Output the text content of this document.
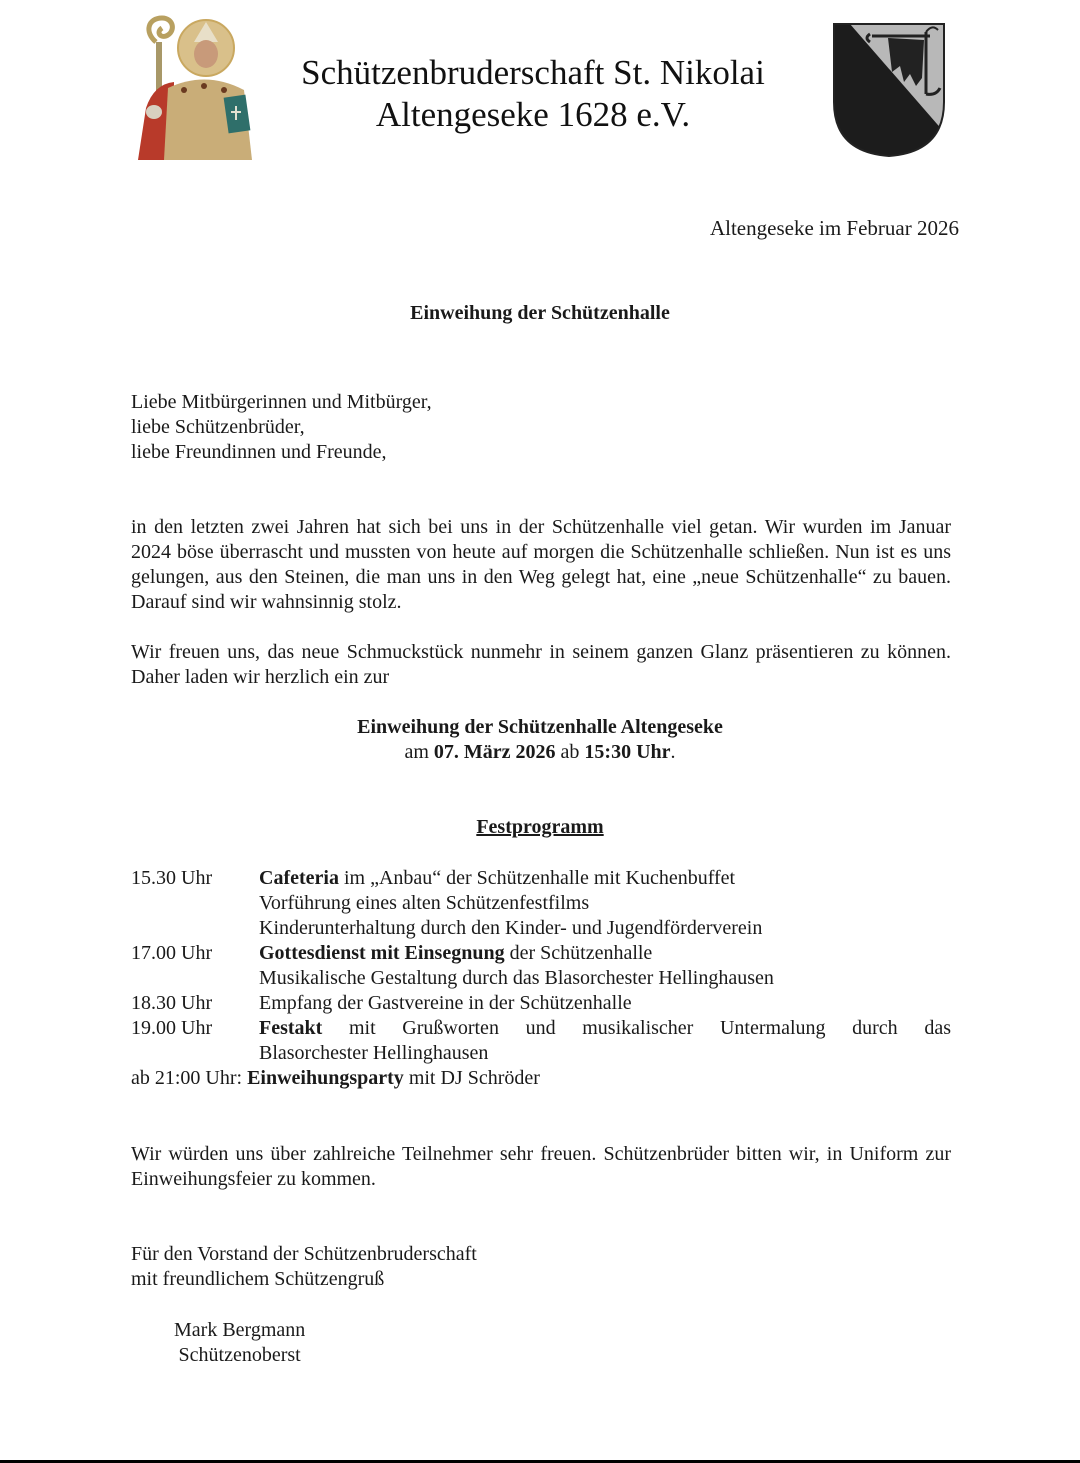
Schützenbruderschaft St. Nikolai
Altengeseke 1628 e.V.
Altengeseke im Februar 2026
Einweihung der Schützenhalle
Liebe Mitbürgerinnen und Mitbürger,
liebe Schützenbrüder,
liebe Freundinnen und Freunde,
in den letzten zwei Jahren hat sich bei uns in der Schützenhalle viel getan. Wir wurden im Januar 2024 böse überrascht und mussten von heute auf morgen die Schützenhalle schließen. Nun ist es uns gelungen, aus den Steinen, die man uns in den Weg gelegt hat, eine „neue Schützenhalle“ zu bauen. Darauf sind wir wahnsinnig stolz.
Wir freuen uns, das neue Schmuckstück nunmehr in seinem ganzen Glanz präsentieren zu können. Daher laden wir herzlich ein zur
Einweihung der Schützenhalle Altengeseke
am 07. März 2026 ab 15:30 Uhr.
Festprogramm
15.30 Uhr	Cafeteria im „Anbau“ der Schützenhalle mit Kuchenbuffet
Vorführung eines alten Schützenfestfilms
Kinderunterhaltung durch den Kinder- und Jugendförderverein
17.00 Uhr	Gottesdienst mit Einsegnung der Schützenhalle
Musikalische Gestaltung durch das Blasorchester Hellinghausen
18.30 Uhr	Empfang der Gastvereine in der Schützenhalle
19.00 Uhr	Festakt mit Grußworten und musikalischer Untermalung durch das
Blasorchester Hellinghausen
ab 21:00 Uhr: Einweihungsparty mit DJ Schröder
Wir würden uns über zahlreiche Teilnehmer sehr freuen. Schützenbrüder bitten wir, in Uniform zur Einweihungsfeier zu kommen.
Für den Vorstand der Schützenbruderschaft
mit freundlichem Schützengruß
Mark Bergmann
Schützenoberst
